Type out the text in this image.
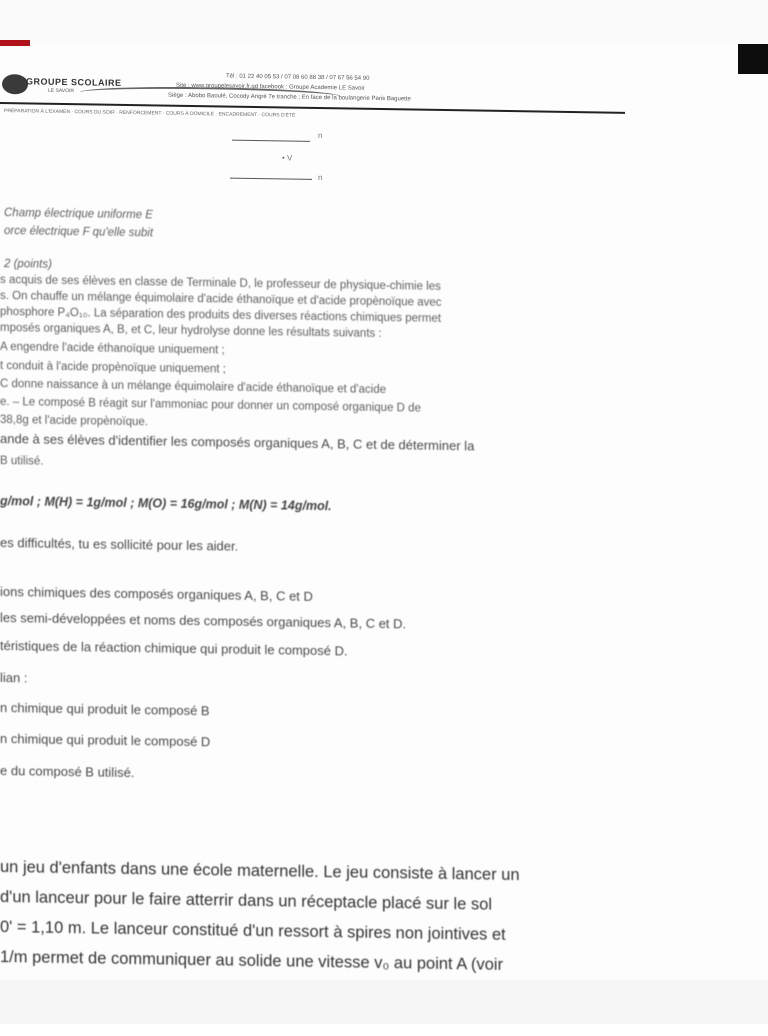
GROUPE SCOLAIRE
LE SAVOIR
Tél : 01 22 40 05 53 / 07 08 60 88 38 / 07 67 56 54 90
Site : www.groupelesavoir.fr.gd facebook : Groupe Academie LE Savoir
Siège : Abobo Baoulé, Cocody Angré 7e tranche ; En face de la boulangerie Paris Baguette
PRÉPARATION À L'EXAMEN · COURS DU SOIR · RENFORCEMENT · COURS À DOMICILE · ENCADREMENT · COURS D'ÉTÉ
n
• V
n
Champ électrique uniforme E
orce électrique F qu'elle subit
2 (points)
s acquis de ses élèves en classe de Terminale D, le professeur de physique-chimie les
s. On chauffe un mélange équimolaire d'acide éthanoïque et d'acide propènoïque avec
phosphore P₄O₁₀. La séparation des produits des diverses réactions chimiques permet
mposés organiques A, B, et C, leur hydrolyse donne les résultats suivants :
A engendre l'acide éthanoïque uniquement ;
t conduit à l'acide propènoïque uniquement ;
C donne naissance à un mélange équimolaire d'acide éthanoïque et d'acide
e. – Le composé B réagit sur l'ammoniac pour donner un composé organique D de
38,8g et l'acide propènoïque.
ande à ses élèves d'identifier les composés organiques A, B, C et de déterminer la
B utilisé.
g/mol ; M(H) = 1g/mol ; M(O) = 16g/mol ; M(N) = 14g/mol.
es difficultés, tu es sollicité pour les aider.
ions chimiques des composés organiques A, B, C et D
les semi-développées et noms des composés organiques A, B, C et D.
téristiques de la réaction chimique qui produit le composé D.
lian :
n chimique qui produit le composé B
n chimique qui produit le composé D
e du composé B utilisé.
un jeu d'enfants dans une école maternelle. Le jeu consiste à lancer un
d'un lanceur pour le faire atterrir dans un réceptacle placé sur le sol
0' = 1,10 m. Le lanceur constitué d'un ressort à spires non jointives et
1/m permet de communiquer au solide une vitesse v₀ au point A (voir
